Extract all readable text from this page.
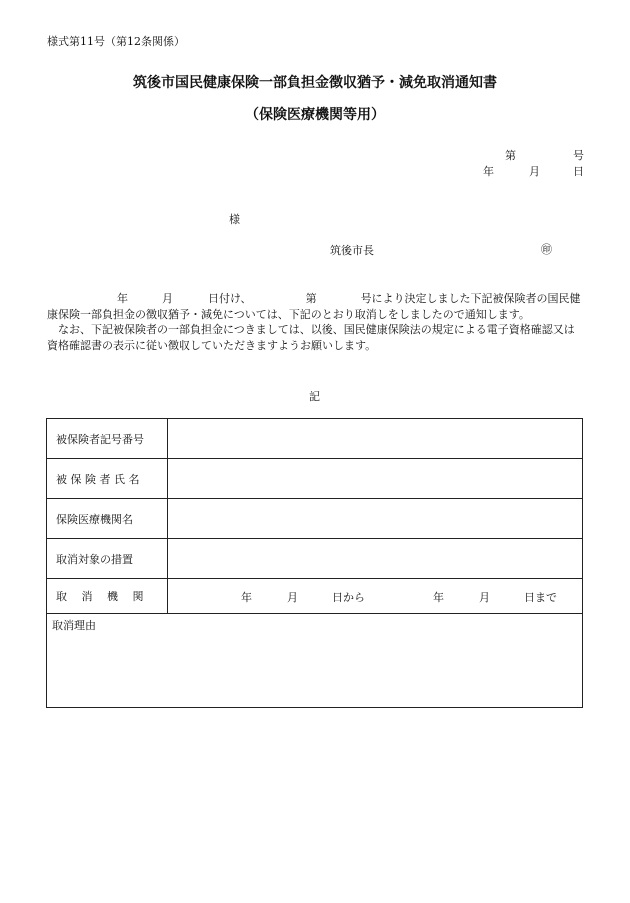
様式第11号（第12条関係）
筑後市国民健康保険一部負担金徴収猶予・減免取消通知書
（保険医療機関等用）
第	号
年	月	日
様
筑後市長	㊞

年	月	日付け、	第	号により決定しました下記被保険者の国民健康保険一部負担金の徴収猶予・減免については、下記のとおり取消しをしましたので通知します。

なお、下記被保険者の一部負担金につきましては、以後、国民健康保険法の規定による電子資格確認又は資格確認書の表示に従い徴収していただきますようお願いします。

記
被保険者記号番号
被 保 険 者 氏 名
保険医療機関名
取消対象の措置
取　 消　 機　 関	年	月	日から	年	月	日まで
取消理由
